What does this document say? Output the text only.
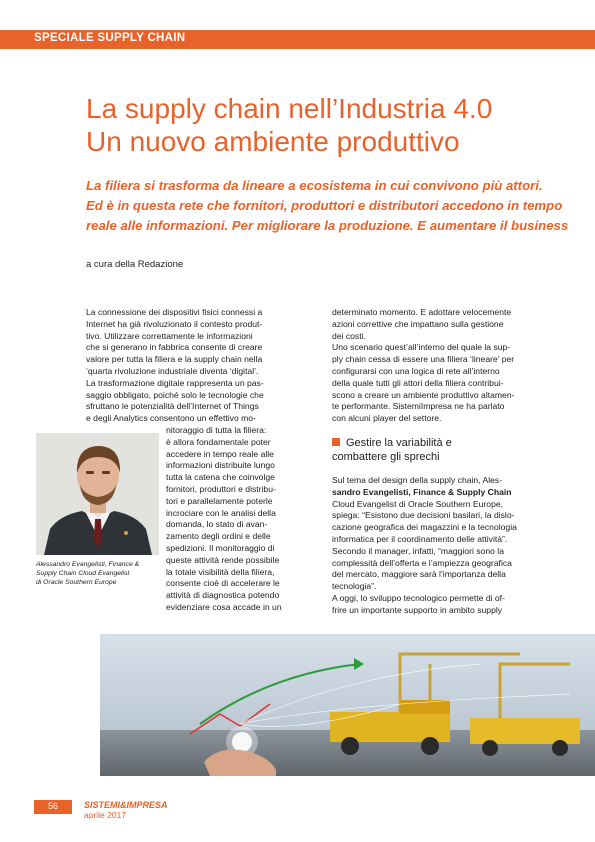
SPECIALE SUPPLY CHAIN
La supply chain nell’Industria 4.0
Un nuovo ambiente produttivo
La filiera si trasforma da lineare a ecosistema in cui convivono più attori.
Ed è in questa rete che fornitori, produttori e distributori accedono in tempo
reale alle informazioni. Per migliorare la produzione. E aumentare il business
a cura della Redazione
La connessione dei dispositivi fisici connessi a
Internet ha già rivoluzionato il contesto produt-
tivo. Utilizzare correttamente le informazioni
che si generano in fabbrica consente di creare
valore per tutta la filiera e la supply chain nella
‘quarta rivoluzione industriale diventa ‘digital’.
La trasformazione digitale rappresenta un pas-
saggio obbligato, poiché solo le tecnologie che
sfruttano le potenzialità dell’Internet of Things
e degli Analytics consentono un effettivo mo-
Alessandro Evangelisti, Finance &
Supply Chain Cloud Evangelist
di Oracle Southern Europe
nitoraggio di tutta la filiera:
è allora fondamentale poter
accedere in tempo reale alle
informazioni distribuite lungo
tutta la catena che coinvolge
fornitori, produttori e distribu-
tori e parallelamente poterle
incrociare con le analisi della
domanda, lo stato di avan-
zamento degli ordini e delle
spedizioni. Il monitoraggio di
queste attività rende possibile
la totale visibilità della filiera,
consente cioè di accelerare le
attività di diagnostica potendo
evidenziare cosa accade in un
determinato momento. E adottare velocemente
azioni correttive che impattano sulla gestione
dei costi.
Uno scenario quest’all’interno del quale la sup-
ply chain cessa di essere una filiera ‘lineare’ per
configurarsi con una logica di rete all’interno
della quale tutti gli attori della filiera contribui-
scono a creare un ambiente produttivo altamen-
te performante. SistemiImpresa ne ha parlato
con alcuni player del settore.
Gestire la variabilità e
combattere gli sprechi
Sul tema del design della supply chain, Ales-
sandro Evangelisti, Finance & Supply Chain
Cloud Evangelist di Oracle Southern Europe,
spiega: “Esistono due decisioni basilari, la dislo-
cazione geografica dei magazzini e la tecnologia
informatica per il coordinamento delle attività”.
Secondo il manager, infatti, “maggiori sono la
complessità dell’offerta e l’ampiezza geografica
del mercato, maggiore sarà l’importanza della
tecnologia”.
A oggi, lo sviluppo tecnologico permette di of-
frire un importante supporto in ambito supply
56	SISTEMI&IMPRESA
aprile 2017
